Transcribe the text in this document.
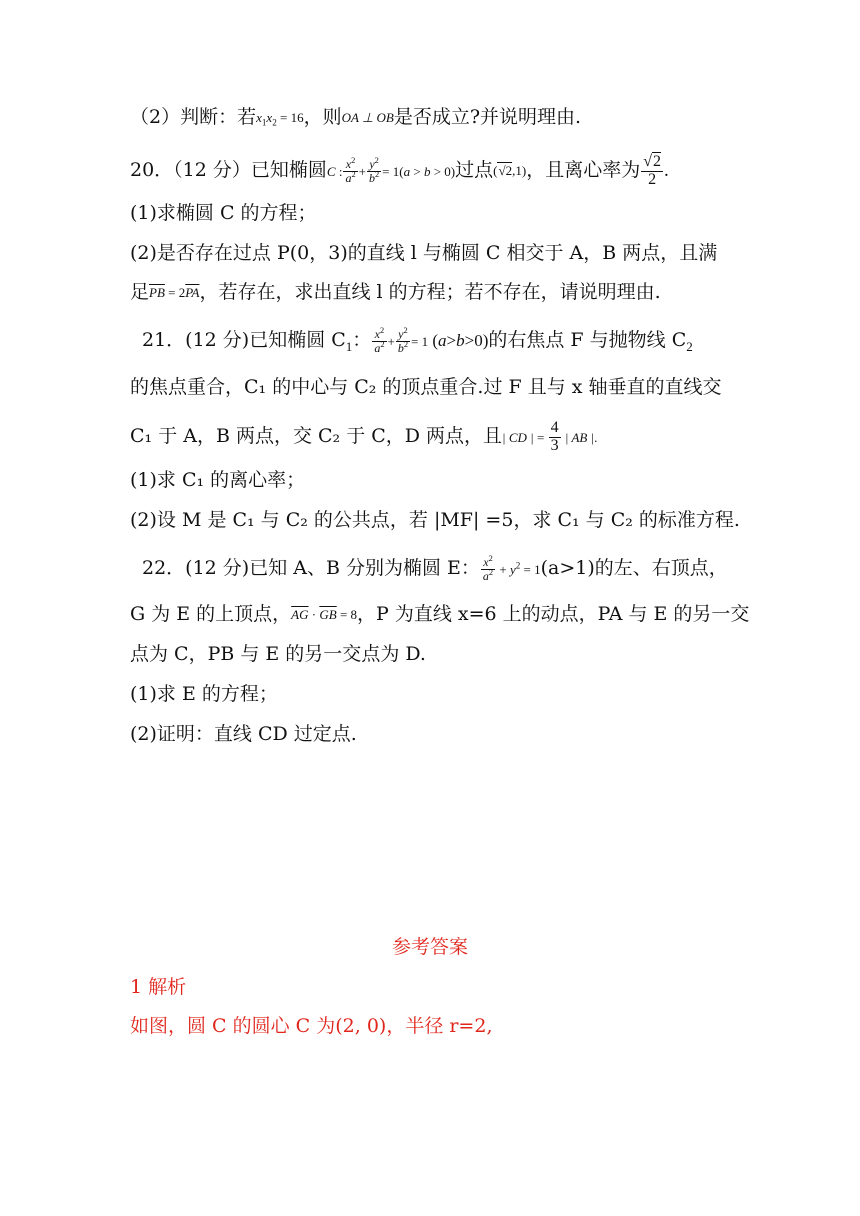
（2）判断：若$x_1x_2 = 16$，则OA ⊥ OB是否成立?并说明理由.
20．（12 分）已知椭圆C : $\frac{x^2}{a^2} + \frac{y^2}{b^2} = 1(a > b > 0)$过点(√2,1)，且离心率为 $\frac{√2}{2}$ .
(1)求椭圆 C 的方程；
(2)是否存在过点 P(0，3)的直线 l 与椭圆 C 相交于 A，B 两点，且满
足$\overline{PB} = 2\overline{PA}$，若存在，求出直线 l 的方程；若不存在，请说明理由.
21．(12 分)已知椭圆 $C_1$： $\frac{x^2}{a^2} + \frac{y^2}{b^2} = 1$ (a>b>0)的右焦点 F 与抛物线 $C_2$
的焦点重合，C₁ 的中心与 C₂ 的顶点重合.过 F 且与 x 轴垂直的直线交
C₁ 于 A，B 两点，交 C₂ 于 C，D 两点，且| CD | = $\frac{4}{3}$ | AB |.
(1)求 C₁ 的离心率；
(2)设 M 是 C₁ 与 C₂ 的公共点，若 |MF| =5，求 C₁ 与 C₂ 的标准方程.
22．(12 分)已知 A、B 分别为椭圆 E： $\frac{x^2}{a^2} + y^2 = 1(a>1)$的左、右顶点，
G 为 E 的上顶点，$\overline{AG} \cdot \overline{GB} = 8$，P 为直线 x=6 上的动点，PA 与 E 的另一交
点为 C，PB 与 E 的另一交点为 D.
(1)求 E 的方程；
(2)证明：直线 CD 过定点.
参考答案
1 解析
如图，圆 C 的圆心 C 为(2, 0)，半径 r=2,
